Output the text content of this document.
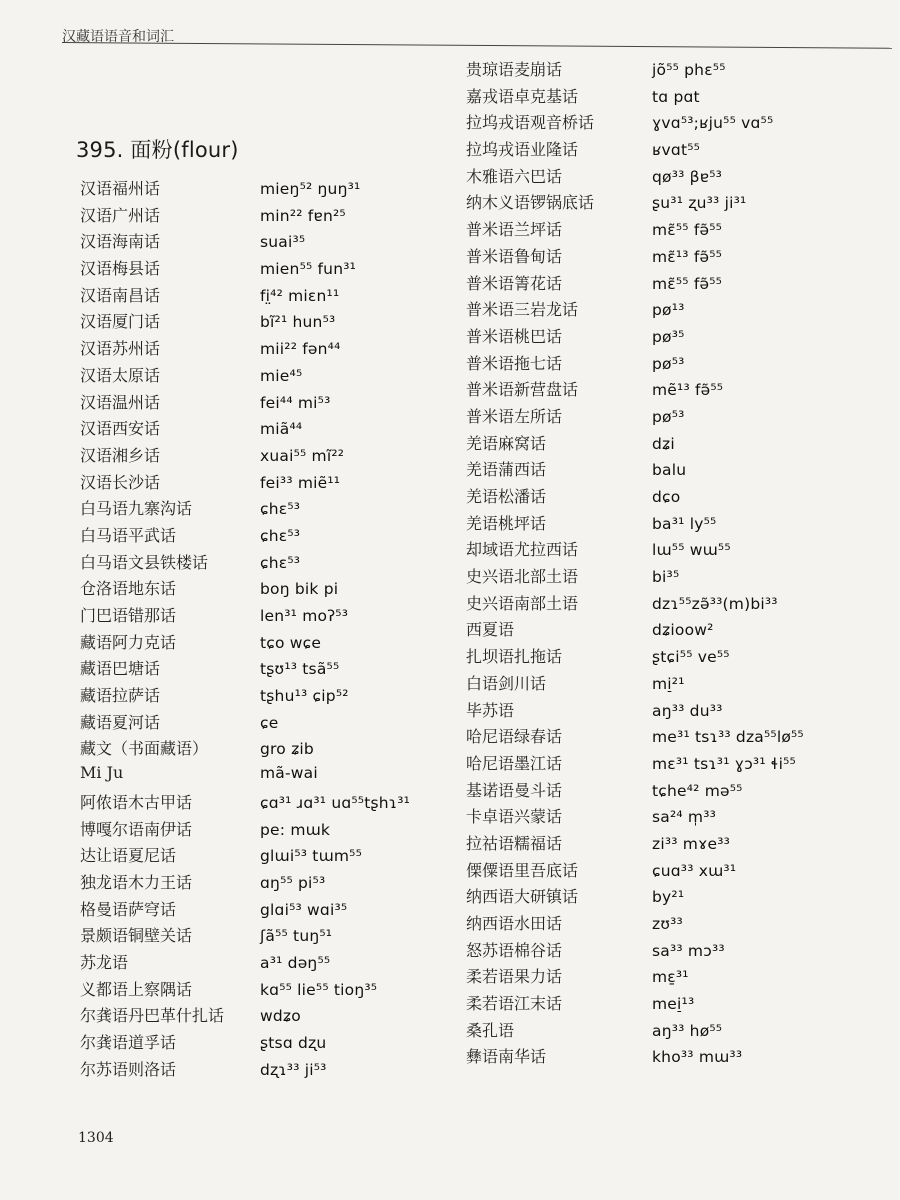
汉藏语语音和词汇
395. 面粉(flour)
汉语福州话	mieŋ⁵² ŋuŋ³¹
汉语广州话	min²² fɐn²⁵
汉语海南话	suai³⁵
汉语梅县话	mien⁵⁵ fun³¹
汉语南昌话	fi̤⁴² miɛn¹¹
汉语厦门话	bĩ²¹ hun⁵³
汉语苏州话	mii²² fən⁴⁴
汉语太原话	mie⁴⁵
汉语温州话	fei⁴⁴ mi⁵³
汉语西安话	miã⁴⁴
汉语湘乡话	xuai⁵⁵ mĩ²²
汉语长沙话	fei³³ miẽ¹¹
白马语九寨沟话	ɕhɛ⁵³
白马语平武话	ɕhɛ⁵³
白马语文县铁楼话	ɕhɛ⁵³
仓洛语地东话	boŋ bik pi
门巴语错那话	len³¹ moʔ⁵³
藏语阿力克话	tɕo wɕe
藏语巴塘话	tʂʊ¹³ tsã⁵⁵
藏语拉萨话	tʂhu¹³ ɕip⁵²
藏语夏河话	ɕe
藏文（书面藏语）	gro ʑib
Mi Ju	mã-wai
阿侬语木古甲话	ɕɑ³¹ ɹɑ³¹ uɑ⁵⁵tʂhɿ³¹
博嘎尔语南伊话	pe: mɯk
达让语夏尼话	glɯi⁵³ tɯm⁵⁵
独龙语木力王话	ɑŋ⁵⁵ pi⁵³
格曼语萨穹话	glɑi⁵³ wɑi³⁵
景颇语铜壁关话	ʃã⁵⁵ tuŋ⁵¹
苏龙语	a³¹ dəŋ⁵⁵
义都语上察隅话	kɑ⁵⁵ lie⁵⁵ tioŋ³⁵
尔龚语丹巴革什扎话	wdʑo
尔龚语道孚话	ʂtsɑ dʐu
尔苏语则洛话	dʐɿ³³ ji⁵³
贵琼语麦崩话	jõ⁵⁵ phɛ⁵⁵
嘉戎语卓克基话	tɑ pɑt
拉坞戎语观音桥话	ɣvɑ⁵³;ʁju⁵⁵ vɑ⁵⁵
拉坞戎语业隆话	ʁvɑt⁵⁵
木雅语六巴话	qø³³ βɐ⁵³
纳木义语锣锅底话	ʂu³¹ ʐu³³ ji³¹
普米语兰坪话	mɛ̃⁵⁵ fə̃⁵⁵
普米语鲁甸话	mɛ̃¹³ fə̃⁵⁵
普米语箐花话	mɛ̃⁵⁵ fə̃⁵⁵
普米语三岩龙话	pø¹³
普米语桃巴话	pø³⁵
普米语拖七话	pø⁵³
普米语新营盘话	mẽ¹³ fə̃⁵⁵
普米语左所话	pø⁵³
羌语麻窝话	dʑi
羌语蒲西话	balu
羌语松潘话	dɕo
羌语桃坪话	ba³¹ ly⁵⁵
却域语尤拉西话	lɯ⁵⁵ wɯ⁵⁵
史兴语北部土语	bi³⁵
史兴语南部土语	dzɿ⁵⁵zə̃³³(m)bi³³
西夏语	dʑioow²
扎坝语扎拖话	ʂtɕi⁵⁵ ve⁵⁵
白语剑川话	mi̠²¹
毕苏语	aŋ³³ du³³
哈尼语绿春话	me³¹ tsɿ³³ dza⁵⁵lø⁵⁵
哈尼语墨江话	mɛ³¹ tsɿ³¹ ɣɔ³¹ ɬi⁵⁵
基诺语曼斗话	tɕhe⁴² mə⁵⁵
卡卓语兴蒙话	sa²⁴ m̩³³
拉祜语糯福话	zi³³ mɤe³³
傈僳语里吾底话	ɕuɑ³³ xɯ³¹
纳西语大研镇话	by²¹
纳西语水田话	zʊ³³
怒苏语棉谷话	sa³³ mɔ³³
柔若语果力话	mɛ̱³¹
柔若语江末话	mei̠¹³
桑孔语	aŋ³³ hø⁵⁵
彝语南华话	kho³³ mɯ³³
1304
